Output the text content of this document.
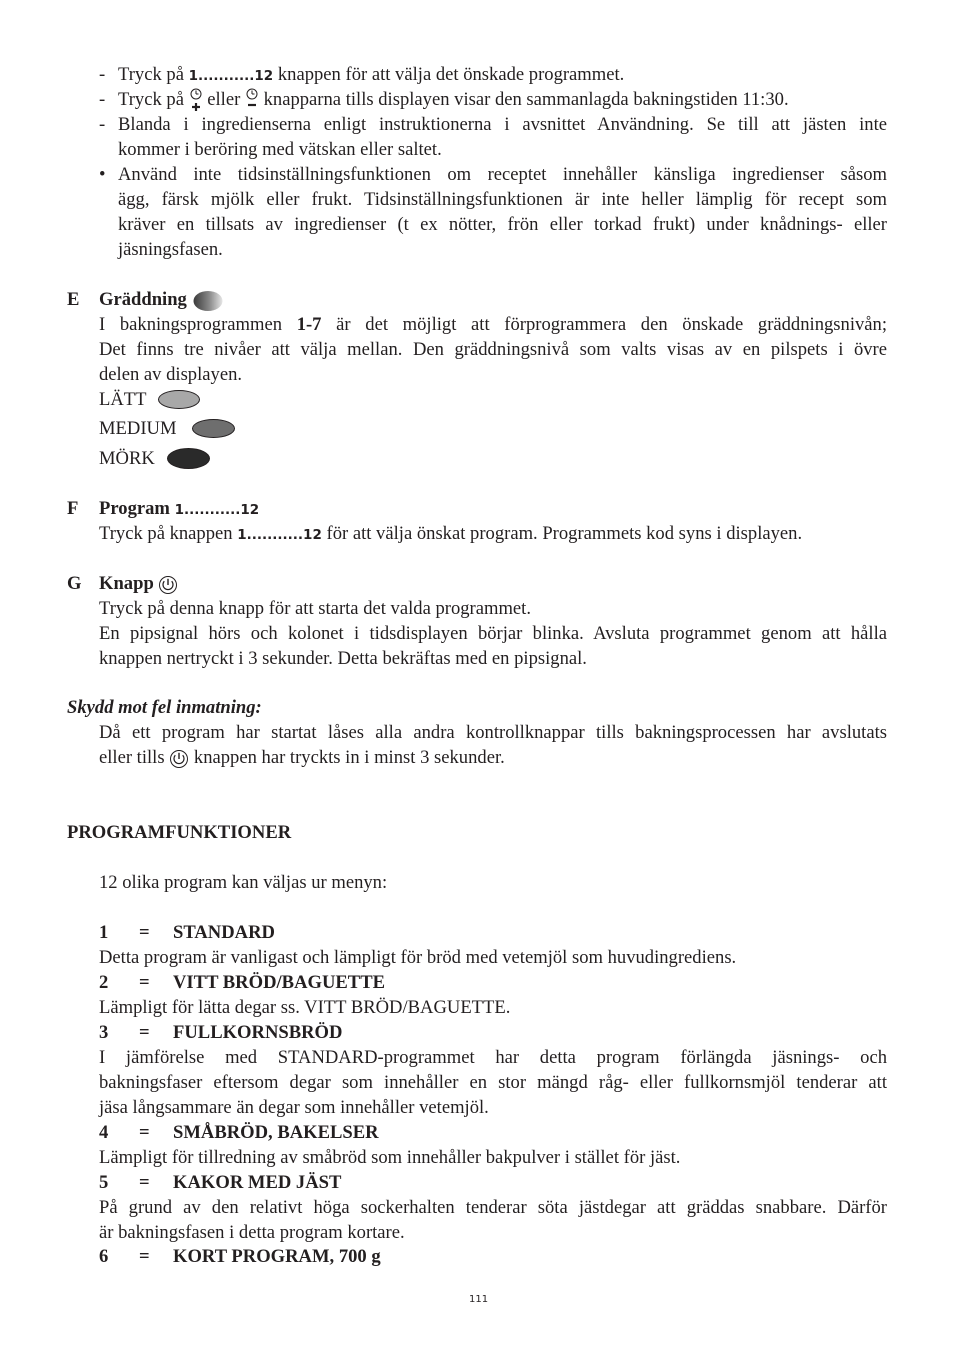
- Tryck på 1...........12 knappen för att välja det önskade programmet.
- Tryck på eller knapparna tills displayen visar den sammanlagda bakningstiden 11:30.
- Blanda i ingredienserna enligt instruktionerna i avsnittet Användning. Se till att jästen inte
kommer i beröring med vätskan eller saltet.
• Använd inte tidsinställningsfunktionen om receptet innehåller känsliga ingredienser såsom
ägg, färsk mjölk eller frukt. Tidsinställningsfunktionen är inte heller lämplig för recept som
kräver en tillsats av ingredienser (t ex nötter, frön eller torkad frukt) under knådnings- eller
jäsningsfasen.
E Gräddning
I bakningsprogrammen 1-7 är det möjligt att förprogrammera den önskade gräddningsnivån;
Det finns tre nivåer att välja mellan. Den gräddningsnivå som valts visas av en pilspets i övre
delen av displayen.
LÄTT
MEDIUM
MÖRK
F Program 1...........12
Tryck på knappen 1...........12 för att välja önskat program. Programmets kod syns i displayen.
G Knapp
Tryck på denna knapp för att starta det valda programmet.
En pipsignal hörs och kolonet i tidsdisplayen börjar blinka. Avsluta programmet genom att hålla
knappen nertryckt i 3 sekunder. Detta bekräftas med en pipsignal.
Skydd mot fel inmatning:
Då ett program har startat låses alla andra kontrollknappar tills bakningsprocessen har avslutats
eller tills knappen har tryckts in i minst 3 sekunder.
PROGRAMFUNKTIONER
12 olika program kan väljas ur menyn:
1 = STANDARD
Detta program är vanligast och lämpligt för bröd med vetemjöl som huvudingrediens.
2 = VITT BRÖD/BAGUETTE
Lämpligt för lätta degar ss. VITT BRÖD/BAGUETTE.
3 = FULLKORNSBRÖD
I jämförelse med STANDARD-programmet har detta program förlängda jäsnings- och
bakningsfaser eftersom degar som innehåller en stor mängd råg- eller fullkornsmjöl tenderar att
jäsa långsammare än degar som innehåller vetemjöl.
4 = SMÅBRÖD, BAKELSER
Lämpligt för tillredning av småbröd som innehåller bakpulver i stället för jäst.
5 = KAKOR MED JÄST
På grund av den relativt höga sockerhalten tenderar söta jästdegar att gräddas snabbare. Därför
är bakningsfasen i detta program kortare.
6 = KORT PROGRAM, 700 g
111
